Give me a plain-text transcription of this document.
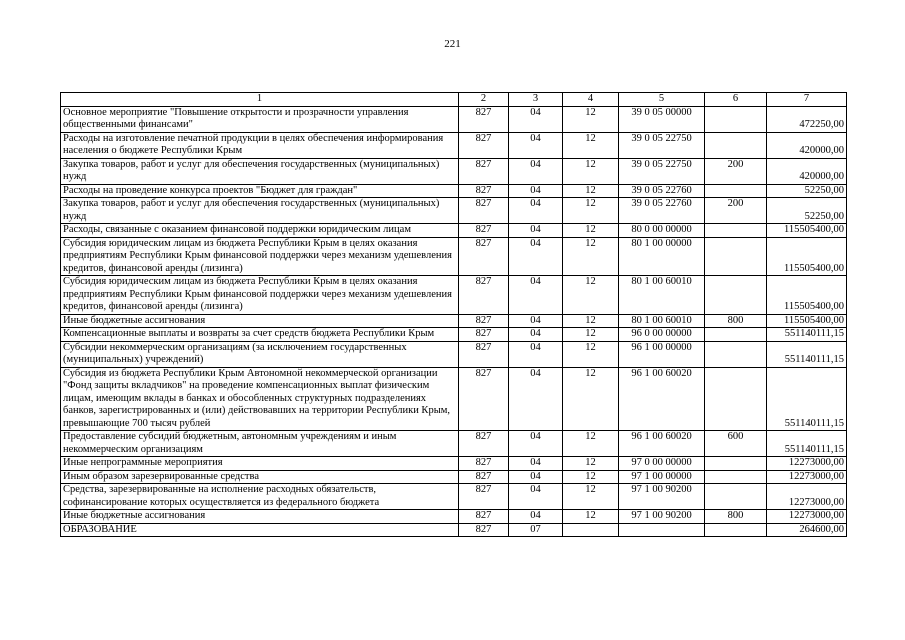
221
1	2	3	4	5	6	7
Основное мероприятие "Повышение открытости и прозрачности управления общественными финансами"	827	04	12	39 0 05 00000		472250,00
Расходы на изготовление печатной продукции в целях обеспечения информирования населения о бюджете Республики Крым	827	04	12	39 0 05 22750		420000,00
Закупка товаров, работ и услуг для обеспечения государственных (муниципальных) нужд	827	04	12	39 0 05 22750	200	420000,00
Расходы на проведение конкурса проектов "Бюджет для граждан"	827	04	12	39 0 05 22760		52250,00
Закупка товаров, работ и услуг для обеспечения государственных (муниципальных) нужд	827	04	12	39 0 05 22760	200	52250,00
Расходы, связанные с оказанием финансовой поддержки юридическим лицам	827	04	12	80 0 00 00000		115505400,00
Субсидия юридическим лицам из бюджета Республики Крым в целях оказания предприятиям Республики Крым финансовой поддержки через механизм удешевления кредитов, финансовой аренды (лизинга)	827	04	12	80 1 00 00000		115505400,00
Субсидия юридическим лицам из бюджета Республики Крым в целях оказания предприятиям Республики Крым финансовой поддержки через механизм удешевления кредитов, финансовой аренды (лизинга)	827	04	12	80 1 00 60010		115505400,00
Иные бюджетные ассигнования	827	04	12	80 1 00 60010	800	115505400,00
Компенсационные выплаты и возвраты за счет средств бюджета Республики Крым	827	04	12	96 0 00 00000		551140111,15
Субсидии некоммерческим организациям (за исключением государственных (муниципальных) учреждений)	827	04	12	96 1 00 00000		551140111,15
Субсидия из бюджета Республики Крым Автономной некоммерческой организации "Фонд защиты вкладчиков" на проведение компенсационных выплат физическим лицам, имеющим вклады в банках и обособленных структурных подразделениях банков, зарегистрированных и (или) действовавших на территории Республики Крым, превышающие 700 тысяч рублей	827	04	12	96 1 00 60020		551140111,15
Предоставление субсидий бюджетным, автономным учреждениям и иным некоммерческим организациям	827	04	12	96 1 00 60020	600	551140111,15
Иные непрограммные мероприятия	827	04	12	97 0 00 00000		12273000,00
Иным образом зарезервированные средства	827	04	12	97 1 00 00000		12273000,00
Средства, зарезервированные на исполнение расходных обязательств, софинансирование которых осуществляется из федерального бюджета	827	04	12	97 1 00 90200		12273000,00
Иные бюджетные ассигнования	827	04	12	97 1 00 90200	800	12273000,00
ОБРАЗОВАНИЕ	827	07				264600,00
